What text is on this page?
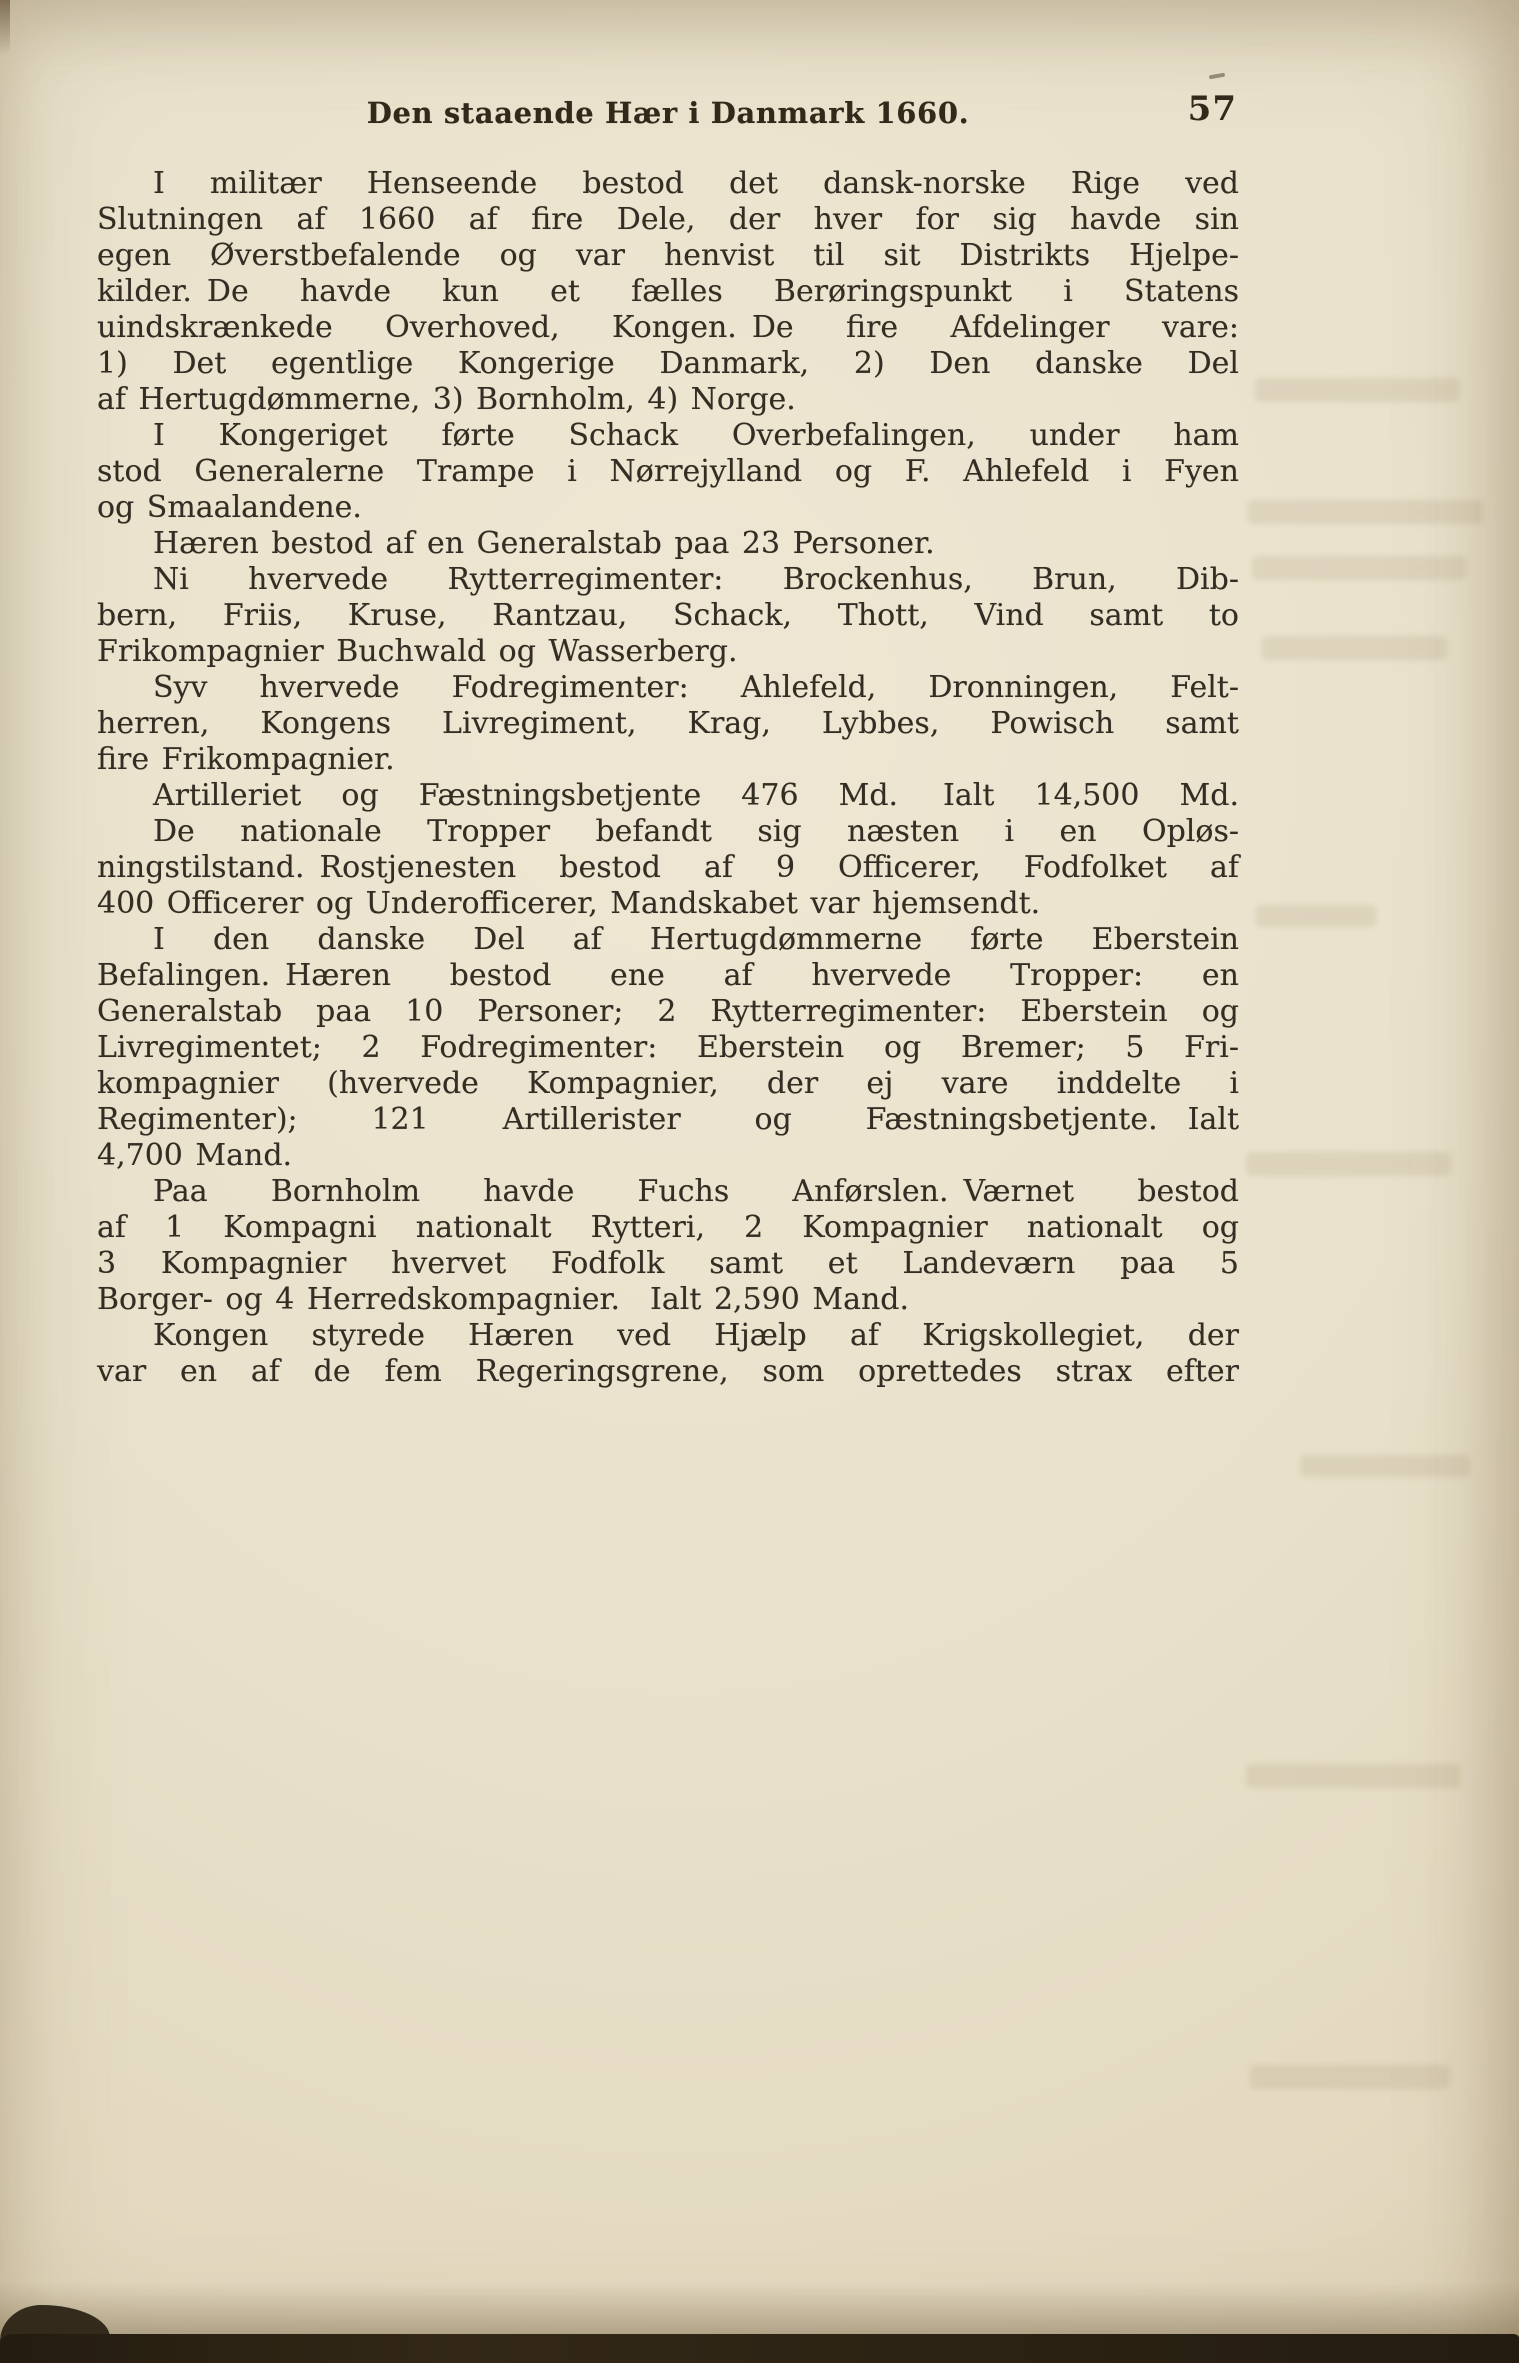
Den staaende Hær i Danmark 1660.	57
I militær Henseende bestod det dansk-norske Rige ved
Slutningen af 1660 af fire Dele, der hver for sig havde sin
egen Øverstbefalende og var henvist til sit Distrikts Hjelpe-
kilder. De havde kun et fælles Berøringspunkt i Statens
uindskrænkede Overhoved, Kongen. De fire Afdelinger vare:
1) Det egentlige Kongerige Danmark, 2) Den danske Del
af Hertugdømmerne, 3) Bornholm, 4) Norge.
I Kongeriget førte Schack Overbefalingen, under ham
stod Generalerne Trampe i Nørrejylland og F. Ahlefeld i Fyen
og Smaalandene.
Hæren bestod af en Generalstab paa 23 Personer.
Ni hvervede Rytterregimenter: Brockenhus, Brun, Dib-
bern, Friis, Kruse, Rantzau, Schack, Thott, Vind samt to
Frikompagnier Buchwald og Wasserberg.
Syv hvervede Fodregimenter: Ahlefeld, Dronningen, Felt-
herren, Kongens Livregiment, Krag, Lybbes, Powisch samt
fire Frikompagnier.
Artilleriet og Fæstningsbetjente 476 Md.  Ialt 14,500 Md.
De nationale Tropper befandt sig næsten i en Opløs-
ningstilstand. Rostjenesten bestod af 9 Officerer, Fodfolket af
400 Officerer og Underofficerer, Mandskabet var hjemsendt.
I den danske Del af Hertugdømmerne førte Eberstein
Befalingen. Hæren bestod ene af hvervede Tropper: en
Generalstab paa 10 Personer; 2 Rytterregimenter: Eberstein og
Livregimentet; 2 Fodregimenter: Eberstein og Bremer; 5 Fri-
kompagnier (hvervede Kompagnier, der ej vare inddelte i
Regimenter); 121 Artillerister og Fæstningsbetjente. Ialt
4,700 Mand.
Paa Bornholm havde Fuchs Anførslen. Værnet bestod
af 1 Kompagni nationalt Rytteri, 2 Kompagnier nationalt og
3 Kompagnier hvervet Fodfolk samt et Landeværn paa 5
Borger- og 4 Herredskompagnier. Ialt 2,590 Mand.
Kongen styrede Hæren ved Hjælp af Krigskollegiet, der
var en af de fem Regeringsgrene, som oprettedes strax efter
